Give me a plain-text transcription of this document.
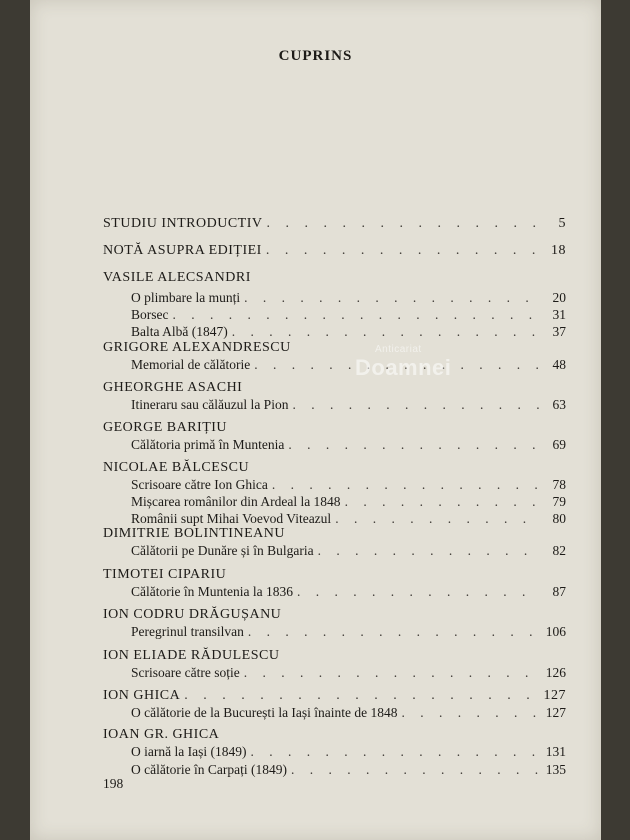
CUPRINS
STUDIU INTRODUCTIV . . .	5
NOTĂ ASUPRA EDIȚIEI . . .	18
VASILE ALECSANDRI
O plimbare la munți . . .	20
Borsec . . .	31
Balta Albă (1847) . . .	37
GRIGORE ALEXANDRESCU
Memorial de călătorie . . .	48
GHEORGHE ASACHI
Itineraru sau călăuzul la Pion . . .	63
GEORGE BARIȚIU
Călătoria primă în Muntenia . . .	69
NICOLAE BĂLCESCU
Scrisoare către Ion Ghica . . .	78
Mișcarea românilor din Ardeal la 1848 . . .	79
Românii supt Mihai Voevod Viteazul . . .	80
DIMITRIE BOLINTINEANU
Călătorii pe Dunăre și în Bulgaria . . .	82
TIMOTEI CIPARIU
Călătorie în Muntenia la 1836 . . .	87
ION CODRU DRĂGUȘANU
Peregrinul transilvan . . .	106
ION ELIADE RĂDULESCU
Scrisoare către soție . . .	126
ION GHICA . . .	127
O călătorie de la București la Iași înainte de 1848 . . .	127
IOAN GR. GHICA
O iarnă la Iași (1849) . . .	131
O călătorie în Carpați (1849) . . .	135
Anticariat
Doamnei
198
